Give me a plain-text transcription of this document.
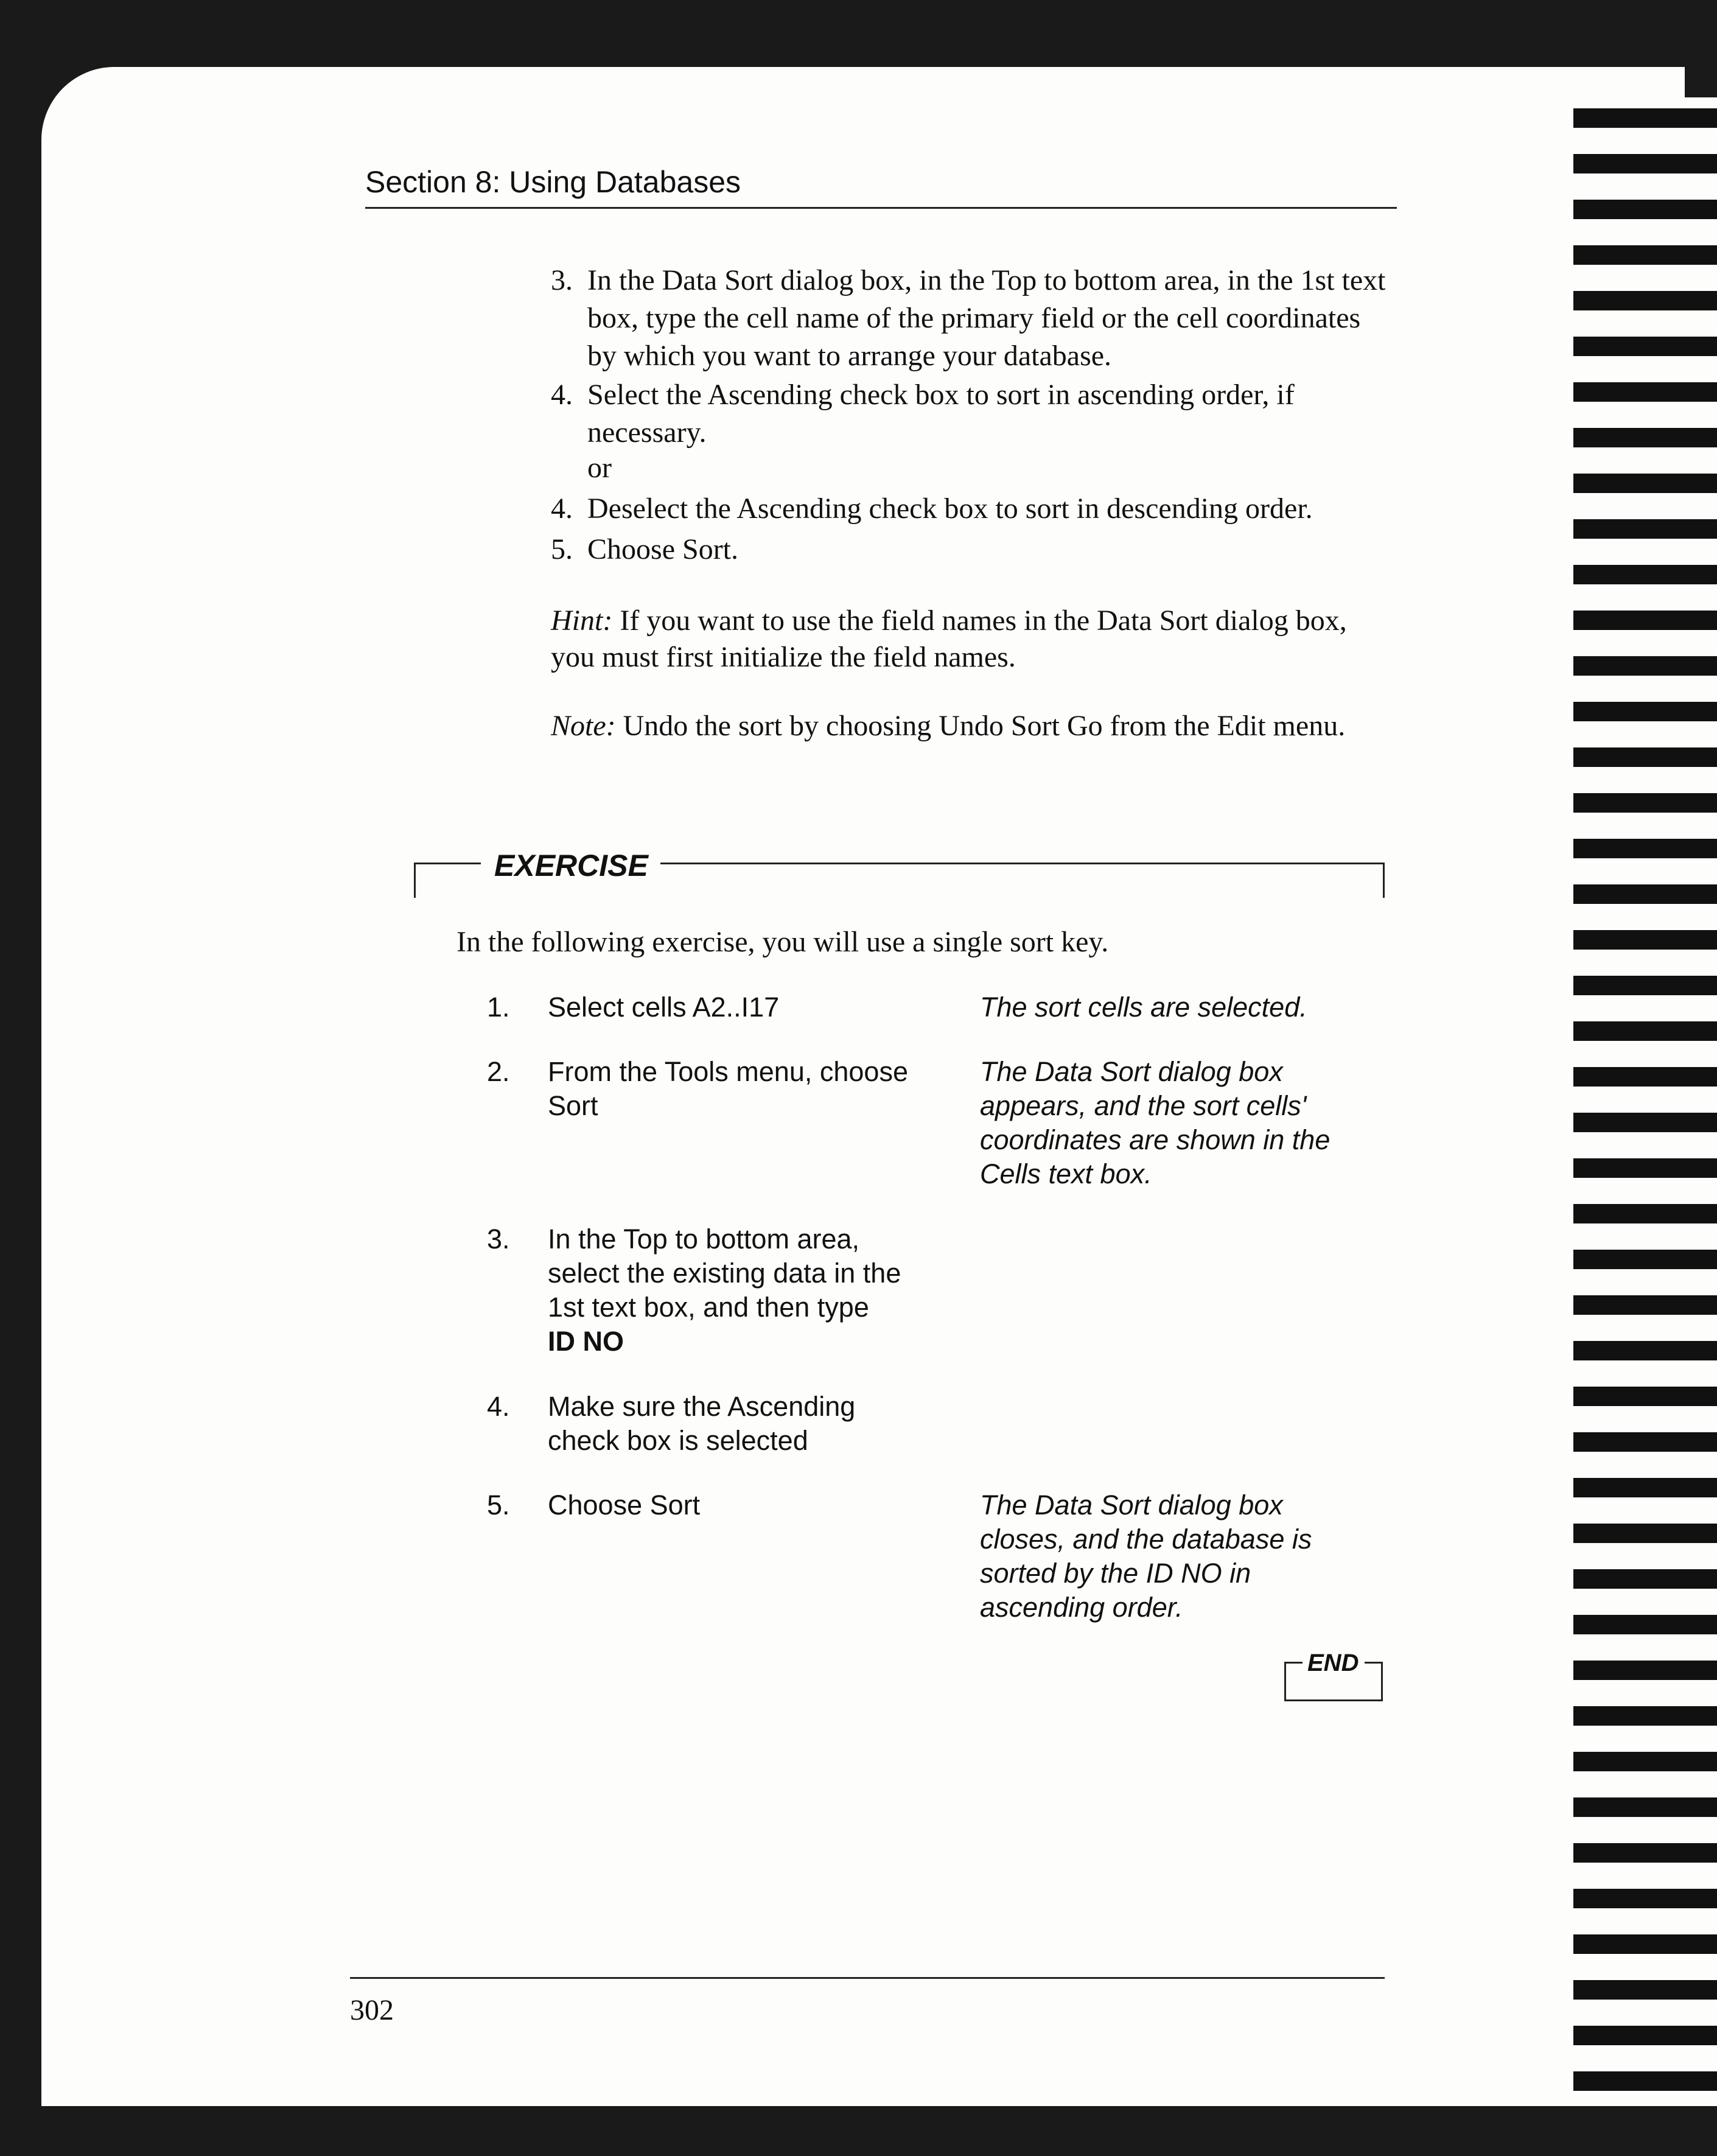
Section 8: Using Databases
3. In the Data Sort dialog box, in the Top to bottom area, in the 1st text box, type the cell name of the primary field or the cell coordinates by which you want to arrange your database.
4. Select the Ascending check box to sort in ascending order, if necessary.
or
4. Deselect the Ascending check box to sort in descending order.
5. Choose Sort.
Hint: If you want to use the field names in the Data Sort dialog box, you must first initialize the field names.
Note: Undo the sort by choosing Undo Sort Go from the Edit menu.
EXERCISE
In the following exercise, you will use a single sort key.
1. Select cells A2..I17	The sort cells are selected.
2. From the Tools menu, choose Sort
The Data Sort dialog box appears, and the sort cells' coordinates are shown in the Cells text box.
3. In the Top to bottom area, select the existing data in the 1st text box, and then type
ID NO
4. Make sure the Ascending check box is selected
5. Choose Sort	The Data Sort dialog box closes, and the database is sorted by the ID NO in ascending order.
END
302
